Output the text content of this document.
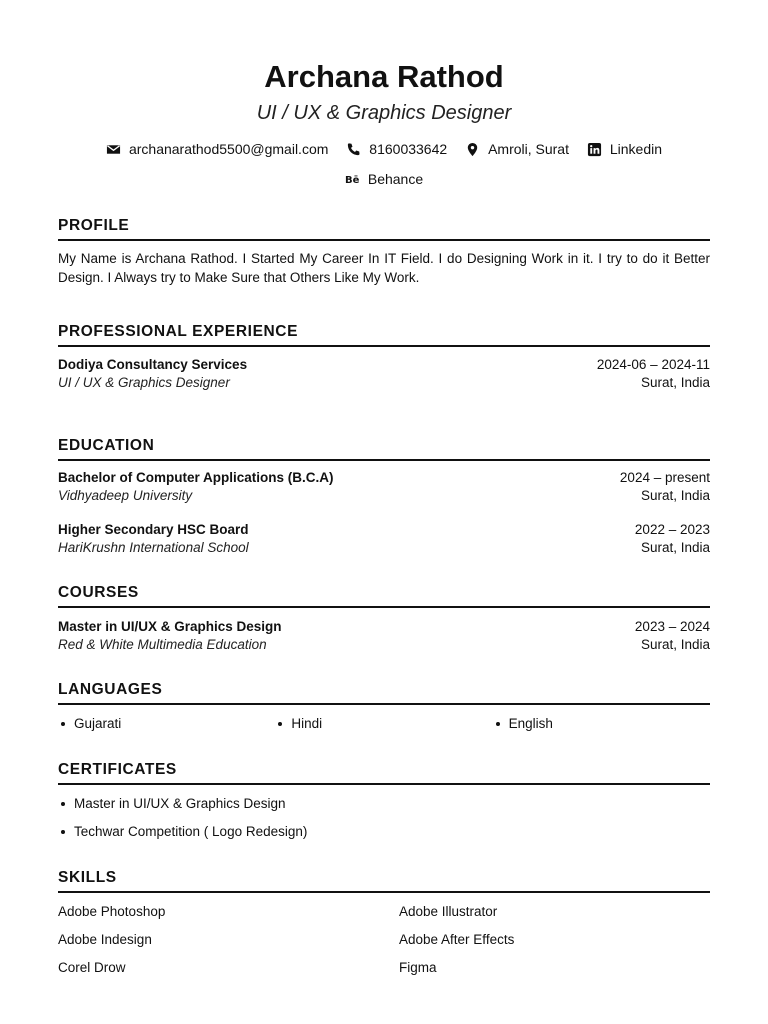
Archana Rathod
UI / UX & Graphics Designer
archanarathod5500@gmail.com
	8160033642
	Amroli, Surat
	Linkedin
Bē Behance
PROFILE
My Name is Archana Rathod. I Started My Career In IT Field. I do Designing Work in it. I try to do it Better Design. I Always try to Make Sure that Others Like My Work.
PROFESSIONAL EXPERIENCE
Dodiya Consultancy Services	2024-06 – 2024-11
UI / UX & Graphics Designer	Surat, India
EDUCATION
Bachelor of Computer Applications (B.C.A)	2024 – present
Vidhyadeep University	Surat, India
Higher Secondary HSC Board	2022 – 2023
HariKrushn International School	Surat, India
COURSES
Master in UI/UX & Graphics Design	2023 – 2024
Red & White Multimedia Education	Surat, India
LANGUAGES
Gujarati	Hindi	English
CERTIFICATES
Master in UI/UX & Graphics Design
Techwar Competition ( Logo Redesign)
SKILLS
Adobe Photoshop	Adobe Illustrator
Adobe Indesign	Adobe After Effects
Corel Drow	Figma
